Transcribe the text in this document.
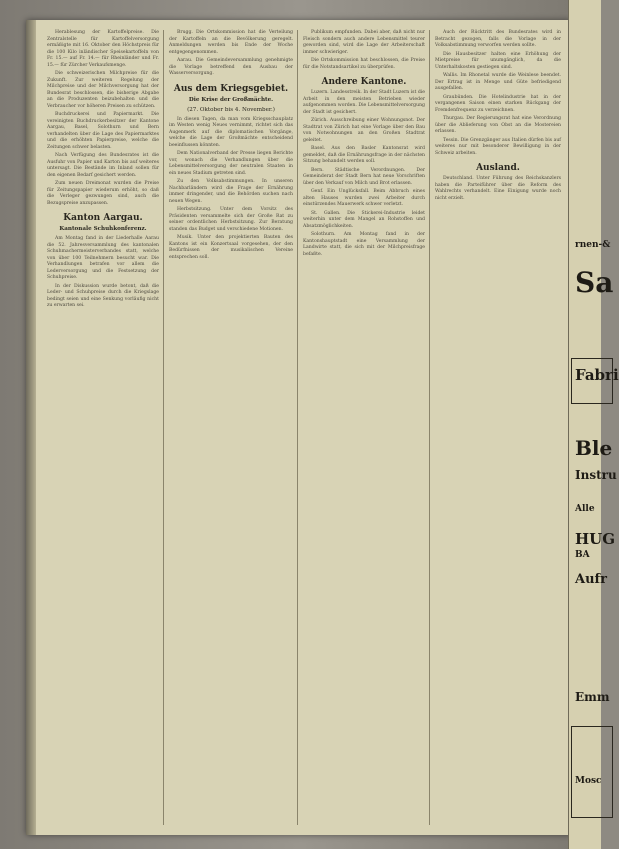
Herablesung der Kartoffelpreise. Die Zentralstelle für Kartoffelversorgung ermäßigte mit 16. Oktober den Höchstpreis für die 100 Kilo inländischer Speisekartoffeln von Fr. 15.— auf Fr. 14.— für Rheinländer und Fr. 15.— für Zürcher Verkaufsmenge.

Die schweizerischen Milchpreise für die Zukunft. Zur weiteren Regelung der Milchpreise und der Milchversorgung hat der Bundesrat beschlossen, die bisherige Abgabe an die Produzenten beizubehalten und die Verbraucher vor höheren Preisen zu schützen.

Buchdruckerei und Papiermarkt. Die vereinigten Buchdruckerbesitzer der Kantone Aargau, Basel, Solothurn und Bern verhandelten über die Lage des Papiermarktes und die erhöhten Papierpreise, welche die Zeitungen schwer belasten.

Nach Verfügung des Bundesrates ist die Ausfuhr von Papier und Karton bis auf weiteres untersagt. Die Bestände im Inland sollen für den eigenen Bedarf gesichert werden.

Zum neuen Dreimonat wurden die Preise für Zeitungspapier wiederum erhöht, so daß die Verleger gezwungen sind, auch die Bezugspreise anzupassen.

Kanton Aargau.
Kantonale Schuhkonferenz.

Am Montag fand in der Liederhalle Aarau die 52. Jahresversammlung des kantonalen Schuhmachermeisterverbandes statt, welche von über 100 Teilnehmern besucht war. Die Verhandlungen betrafen vor allem die Lederversorgung und die Festsetzung der Schuhpreise.

In der Diskussion wurde betont, daß die Leder- und Schuhpreise durch die Kriegslage bedingt seien und eine Senkung vorläufig nicht zu erwarten sei.

Brugg. Die Ortskommission hat die Verteilung der Kartoffeln an die Bevölkerung geregelt. Anmeldungen werden bis Ende der Woche entgegengenommen.

Aarau. Die Gemeindeversammlung genehmigte die Vorlage betreffend den Ausbau der Wasserversorgung.

Aus dem Kriegsgebiet.
Die Krise der Großmächte.
(27. Oktober bis 4. November.)

In diesen Tagen, da man vom Kriegsschauplatz im Westen wenig Neues vernimmt, richtet sich das Augenmerk auf die diplomatischen Vorgänge, welche die Lage der Großmächte entscheidend beeinflussen könnten.

Dem Nationalverband der Presse liegen Berichte vor, wonach die Verhandlungen über die Lebensmittelversorgung der neutralen Staaten in ein neues Stadium getreten sind.

Zu den Volksabstimmungen. In unseren Nachbarländern wird die Frage der Ernährung immer dringender, und die Behörden suchen nach neuen Wegen.

Herbstsitzung. Unter dem Vorsitz des Präsidenten versammelte sich der Große Rat zu seiner ordentlichen Herbstsitzung. Zur Beratung standen das Budget und verschiedene Motionen.

Musik. Unter den projektierten Bauten des Kantons ist ein Konzertsaal vorgesehen, der den Bedürfnissen der musikalischen Vereine entsprechen soll.

Publikum empfunden. Dabei aber, daß nicht nur Fleisch sondern auch andere Lebensmittel teurer geworden sind, wird die Lage der Arbeiterschaft immer schwieriger.

Die Ortskommission hat beschlossen, die Preise für die Notstandsartikel zu überprüfen.

Andere Kantone.

Luzern. Landesstreik. In der Stadt Luzern ist die Arbeit in den meisten Betrieben wieder aufgenommen worden. Die Lebensmittelversorgung der Stadt ist gesichert.

Zürich. Ausschreibung einer Wohnungsnot. Der Stadtrat von Zürich hat eine Vorlage über den Bau von Notwohnungen an den Großen Stadtrat geleitet.

Basel. Aus den Basler Kantonsrat wird gemeldet, daß die Ernährungsfrage in der nächsten Sitzung behandelt werden soll.

Bern. Städtische Verordnungen. Der Gemeinderat der Stadt Bern hat neue Vorschriften über den Verkauf von Milch und Brot erlassen.

Genf. Ein Unglücksfall. Beim Abbruch eines alten Hauses wurden zwei Arbeiter durch einstürzendes Mauerwerk schwer verletzt.

St. Gallen. Die Stickerei-Industrie leidet weiterhin unter dem Mangel an Rohstoffen und Absatzmöglichkeiten.

Solothurn. Am Montag fand in der Kantonshauptstadt eine Versammlung der Landwirte statt, die sich mit der Milchpreisfrage befaßte.

Auch der Rücktritt des Bundesrates wird in Betracht gezogen, falls die Vorlage in der Volksabstimmung verworfen werden sollte.

Die Hausbesitzer halten eine Erhöhung der Mietpreise für unumgänglich, da die Unterhaltskosten gestiegen sind.

Wallis. Im Rhonetal wurde die Weinlese beendet. Der Ertrag ist in Menge und Güte befriedigend ausgefallen.

Graubünden. Die Hotelindustrie hat in der vergangenen Saison einen starken Rückgang der Fremdenfrequenz zu verzeichnen.

Thurgau. Der Regierungsrat hat eine Verordnung über die Ablieferung von Obst an die Mostereien erlassen.

Tessin. Die Grenzgänger aus Italien dürfen bis auf weiteres nur mit besonderer Bewilligung in der Schweiz arbeiten.

Ausland.

Deutschland. Unter Führung des Reichskanzlers haben die Parteiführer über die Reform des Wahlrechts verhandelt. Eine Einigung wurde noch nicht erzielt.

rnen-&
Sa
Fabri
Ble
Instru
Alle
HUG
BA
Aufr
Emm
Mosc
